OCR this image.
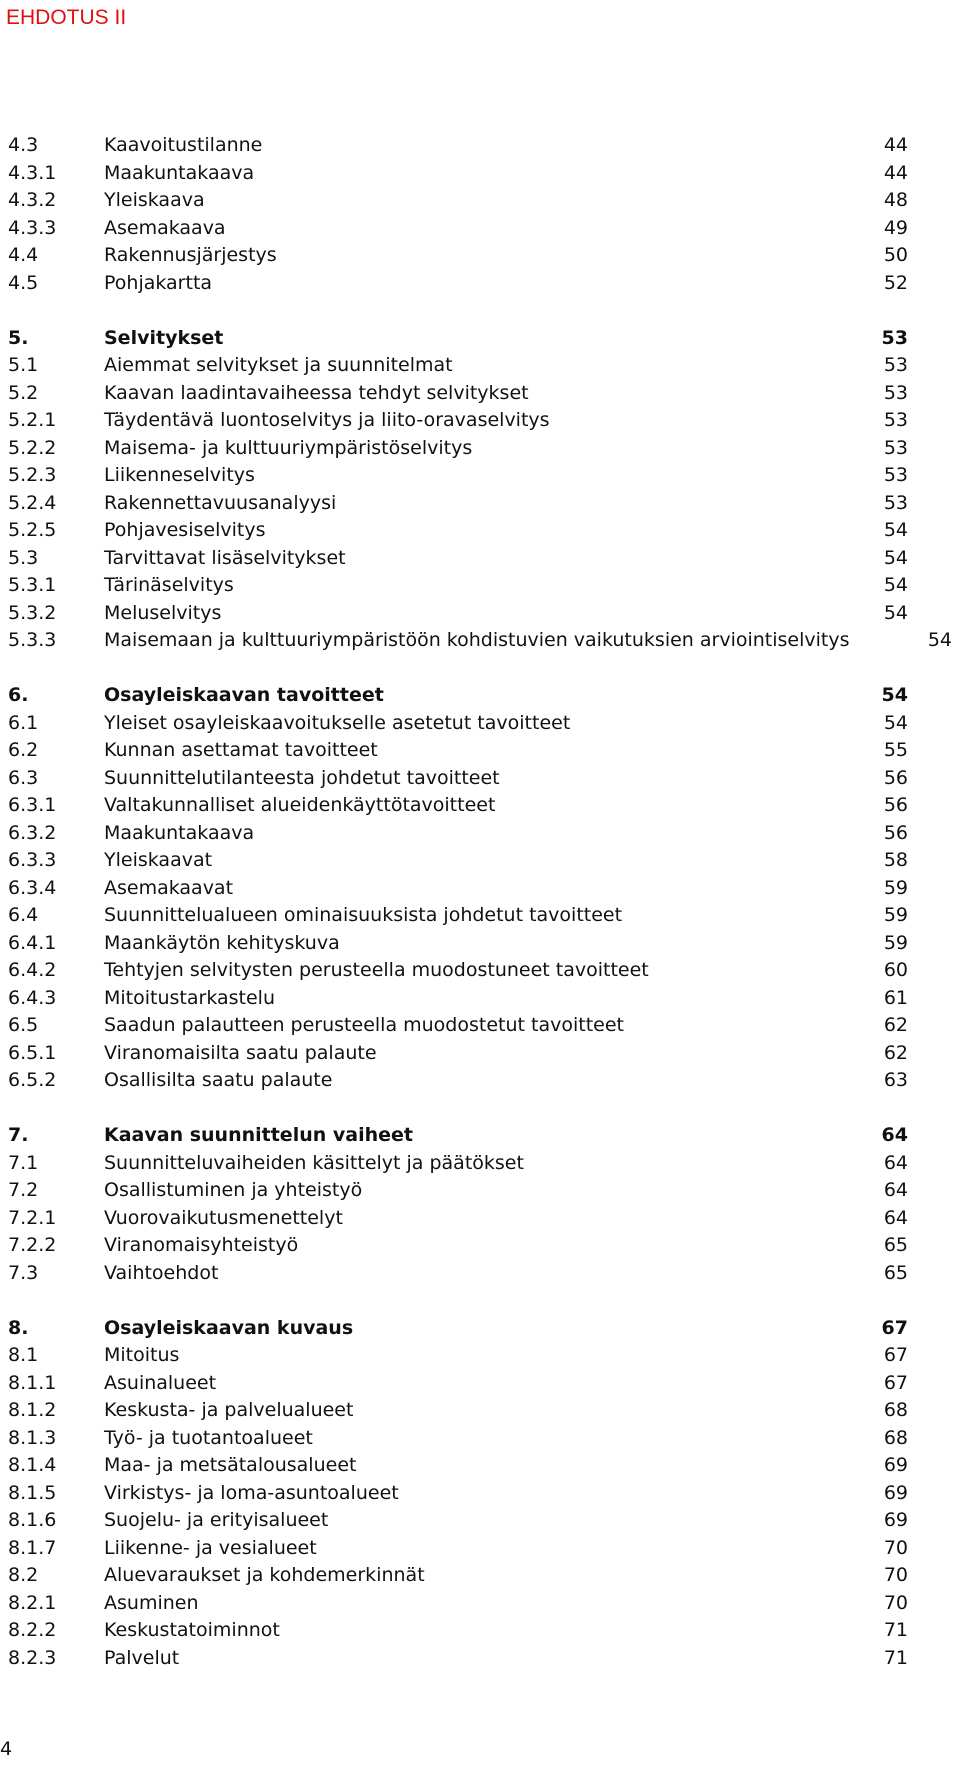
EHDOTUS II
4.3	Kaavoitustilanne	44
4.3.1	Maakuntakaava	44
4.3.2	Yleiskaava	48
4.3.3	Asemakaava	49
4.4	Rakennusjärjestys	50
4.5	Pohjakartta	52
5.	Selvitykset	53
5.1	Aiemmat selvitykset ja suunnitelmat	53
5.2	Kaavan laadintavaiheessa tehdyt selvitykset	53
5.2.1	Täydentävä luontoselvitys ja liito-oravaselvitys	53
5.2.2	Maisema- ja kulttuuriympäristöselvitys	53
5.2.3	Liikenneselvitys	53
5.2.4	Rakennettavuusanalyysi	53
5.2.5	Pohjavesiselvitys	54
5.3	Tarvittavat lisäselvitykset	54
5.3.1	Tärinäselvitys	54
5.3.2	Meluselvitys	54
5.3.3	Maisemaan ja kulttuuriympäristöön kohdistuvien vaikutuksien arviointiselvitys	54
6.	Osayleiskaavan tavoitteet	54
6.1	Yleiset osayleiskaavoitukselle asetetut tavoitteet	54
6.2	Kunnan asettamat tavoitteet	55
6.3	Suunnittelutilanteesta johdetut tavoitteet	56
6.3.1	Valtakunnalliset alueidenkäyttötavoitteet	56
6.3.2	Maakuntakaava	56
6.3.3	Yleiskaavat	58
6.3.4	Asemakaavat	59
6.4	Suunnittelualueen ominaisuuksista johdetut tavoitteet	59
6.4.1	Maankäytön kehityskuva	59
6.4.2	Tehtyjen selvitysten perusteella muodostuneet tavoitteet	60
6.4.3	Mitoitustarkastelu	61
6.5	Saadun palautteen perusteella muodostetut tavoitteet	62
6.5.1	Viranomaisilta saatu palaute	62
6.5.2	Osallisilta saatu palaute	63
7.	Kaavan suunnittelun vaiheet	64
7.1	Suunnitteluvaiheiden käsittelyt ja päätökset	64
7.2	Osallistuminen ja yhteistyö	64
7.2.1	Vuorovaikutusmenettelyt	64
7.2.2	Viranomaisyhteistyö	65
7.3	Vaihtoehdot	65
8.	Osayleiskaavan kuvaus	67
8.1	Mitoitus	67
8.1.1	Asuinalueet	67
8.1.2	Keskusta- ja palvelualueet	68
8.1.3	Työ- ja tuotantoalueet	68
8.1.4	Maa- ja metsätalousalueet	69
8.1.5	Virkistys- ja loma-asuntoalueet	69
8.1.6	Suojelu- ja erityisalueet	69
8.1.7	Liikenne- ja vesialueet	70
8.2	Aluevaraukset ja kohdemerkinnät	70
8.2.1	Asuminen	70
8.2.2	Keskustatoiminnot	71
8.2.3	Palvelut	71
4
